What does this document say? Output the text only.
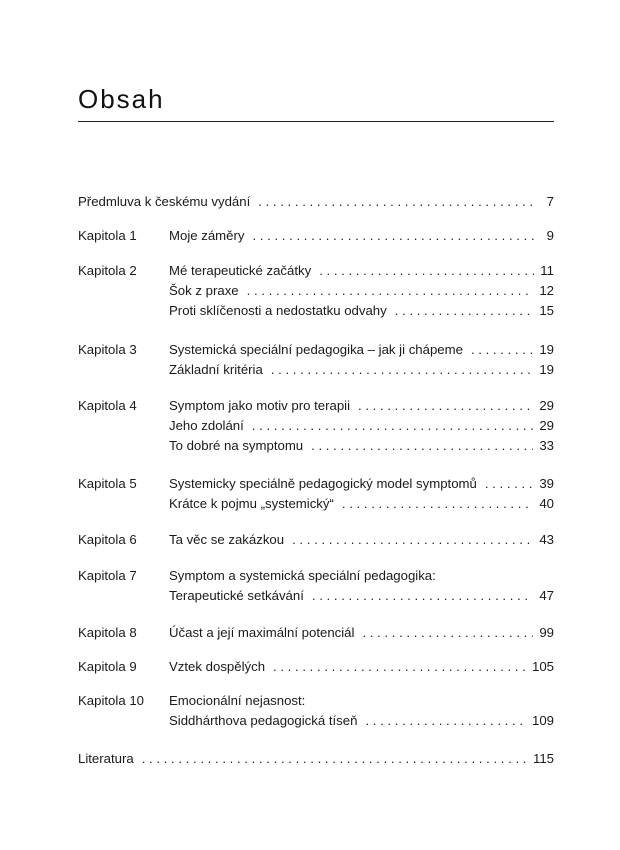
Obsah
Předmluva k českému vydání . . .	7
Kapitola 1 Moje záměry . . .	9
Kapitola 2 Mé terapeutické začátky . . .	11
Šok z praxe . . .	12
Proti sklíčenosti a nedostatku odvahy . . .	15
Kapitola 3 Systemická speciální pedagogika – jak ji chápeme . . .	19
Základní kritéria . . .	19
Kapitola 4 Symptom jako motiv pro terapii . . .	29
Jeho zdolání . . .	29
To dobré na symptomu . . .	33
Kapitola 5 Systemicky speciálně pedagogický model symptomů . . .	39
Krátce k pojmu „systemický“ . . .	40
Kapitola 6 Ta věc se zakázkou . . .	43
Kapitola 7 Symptom a systemická speciální pedagogika:
Terapeutické setkávání . . .	47
Kapitola 8 Účast a její maximální potenciál . . .	99
Kapitola 9 Vztek dospělých . . .	105
Kapitola 10 Emocionální nejasnost:
Siddhárthova pedagogická tíseň . . .	109
Literatura . . .	115
